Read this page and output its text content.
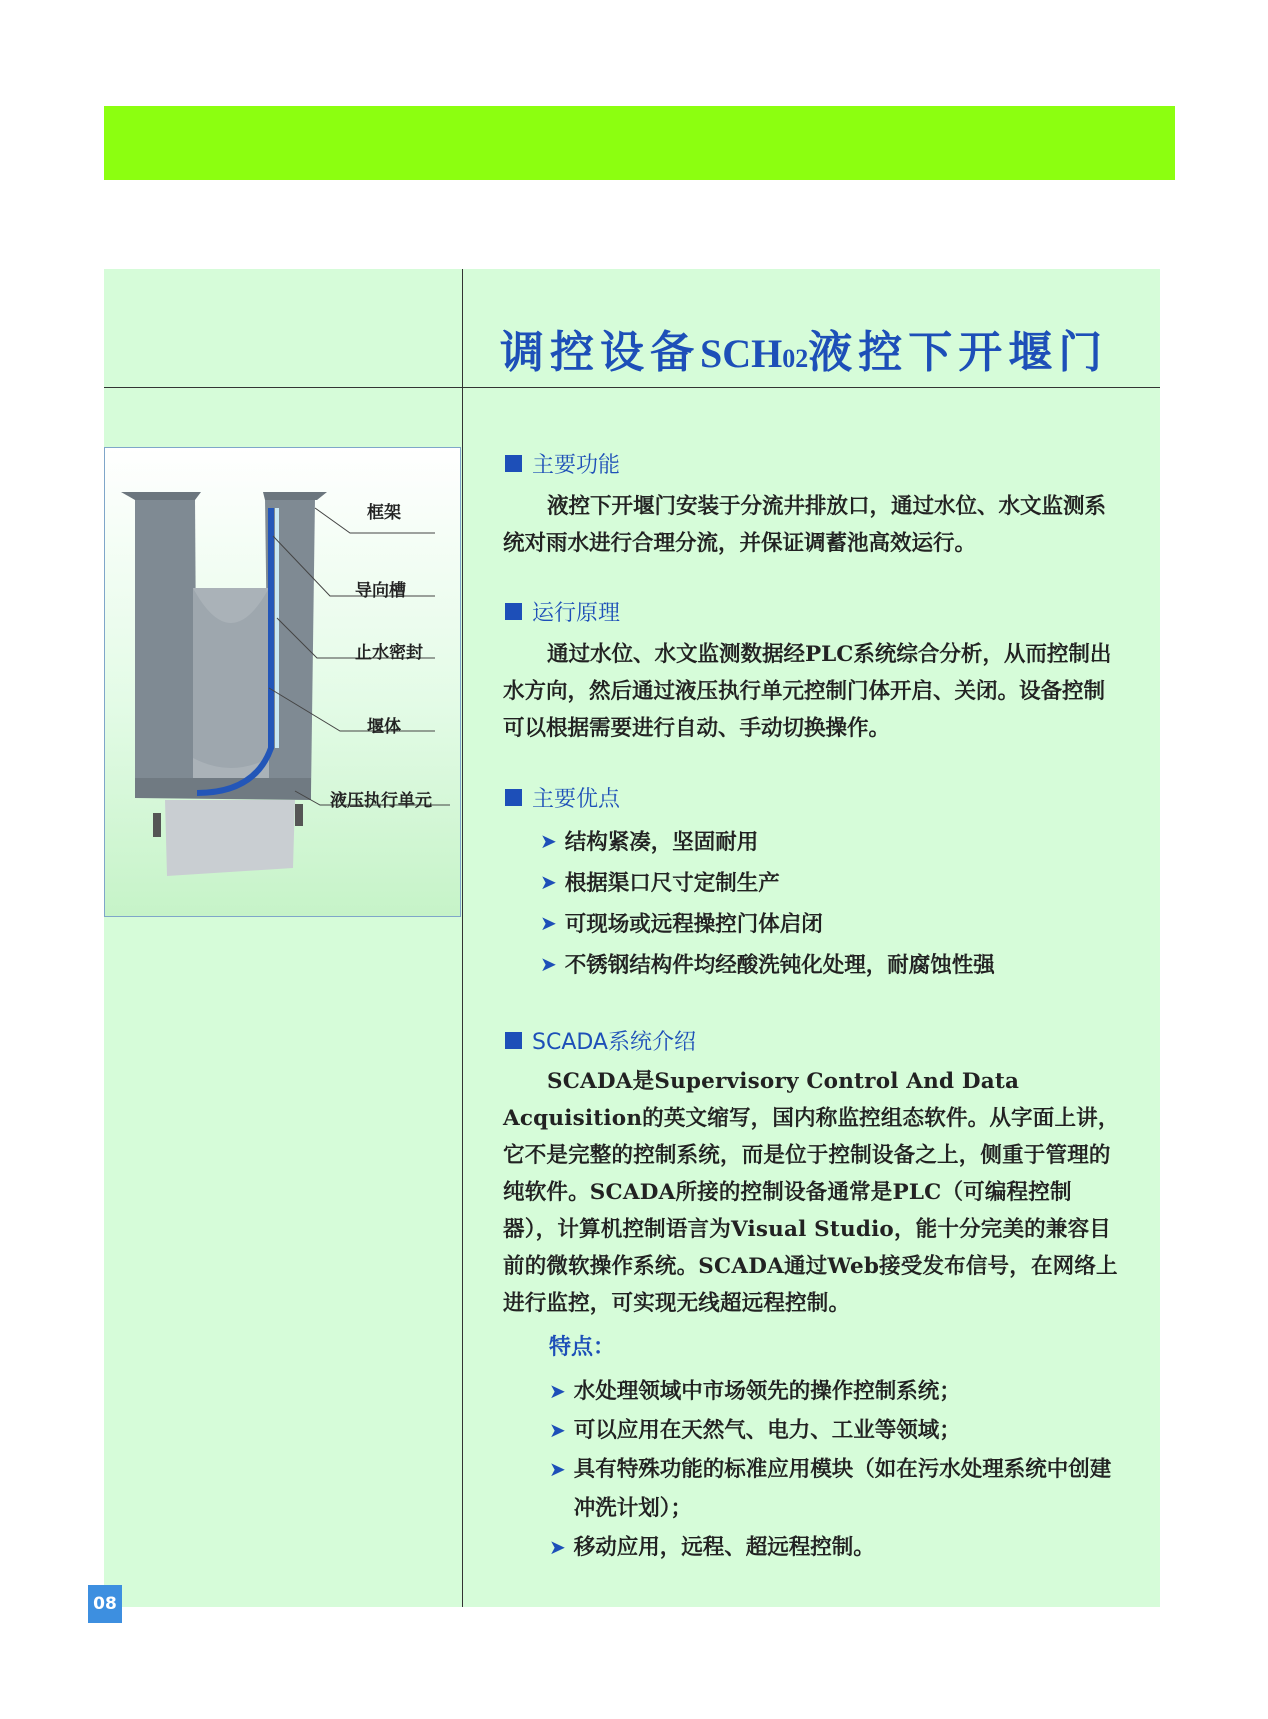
调控设备SCH02液控下开堰门
框架
导向槽
止水密封
堰体
液压执行单元
主要功能
液控下开堰门安装于分流井排放口，通过水位、水文监测系统对雨水进行合理分流，并保证调蓄池高效运行。
运行原理
通过水位、水文监测数据经PLC系统综合分析，从而控制出水方向，然后通过液压执行单元控制门体开启、关闭。设备控制可以根据需要进行自动、手动切换操作。
主要优点
➤ 结构紧凑，坚固耐用
➤ 根据渠口尺寸定制生产
➤ 可现场或远程操控门体启闭
➤ 不锈钢结构件均经酸洗钝化处理，耐腐蚀性强
SCADA系统介绍
SCADA是Supervisory Control And Data Acquisition的英文缩写，国内称监控组态软件。从字面上讲，它不是完整的控制系统，而是位于控制设备之上，侧重于管理的纯软件。SCADA所接的控制设备通常是PLC（可编程控制器），计算机控制语言为Visual Studio，能十分完美的兼容目前的微软操作系统。SCADA通过Web接受发布信号，在网络上进行监控，可实现无线超远程控制。
特点：
➤ 水处理领域中市场领先的操作控制系统；
➤ 可以应用在天然气、电力、工业等领域；
➤ 具有特殊功能的标准应用模块（如在污水处理系统中创建冲洗计划）；
➤ 移动应用，远程、超远程控制。
08
